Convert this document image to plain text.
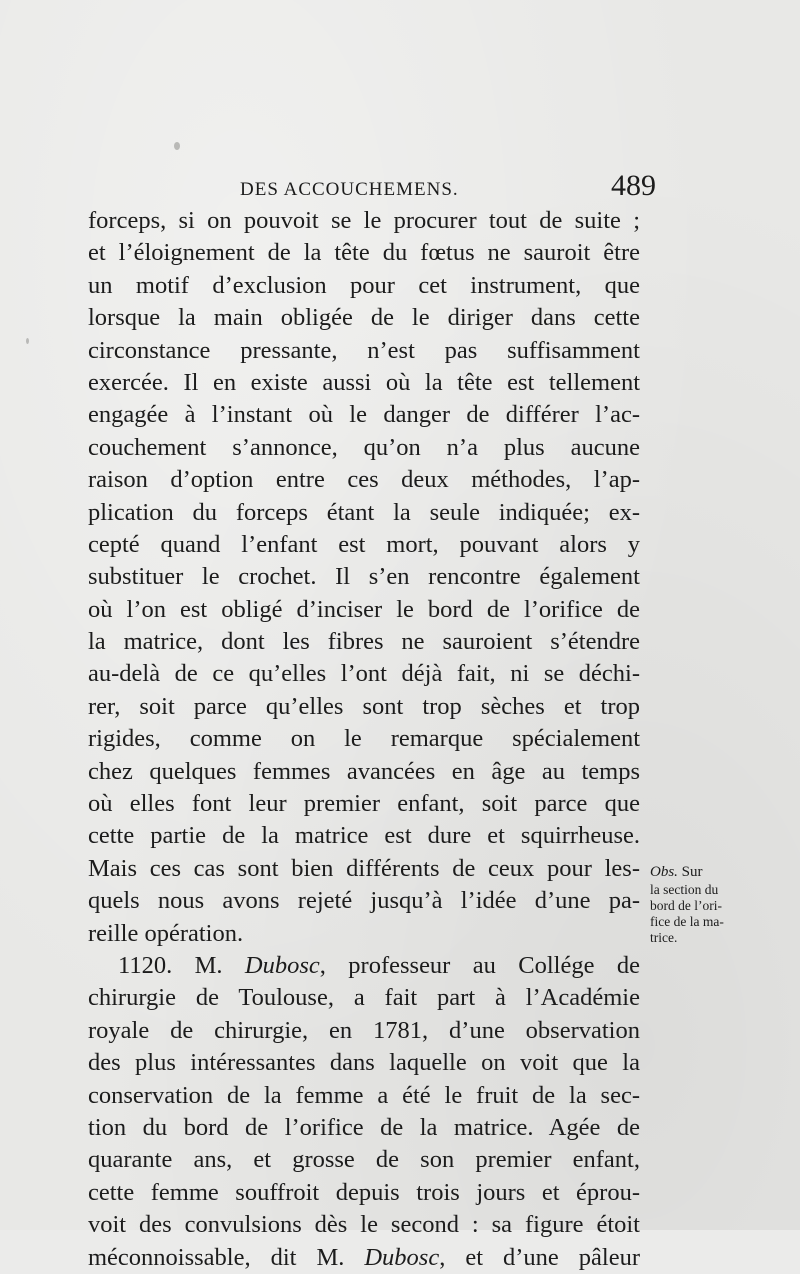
DES ACCOUCHEMENS.	489
forceps, si on pouvoit se le procurer tout de suite ;
et l’éloignement de la tête du fœtus ne sauroit être
un motif d’exclusion pour cet instrument, que
lorsque la main obligée de le diriger dans cette
circonstance pressante, n’est pas suffisamment
exercée. Il en existe aussi où la tête est tellement
engagée à l’instant où le danger de différer l’ac-
couchement s’annonce, qu’on n’a plus aucune
raison d’option entre ces deux méthodes, l’ap-
plication du forceps étant la seule indiquée; ex-
cepté quand l’enfant est mort, pouvant alors y
substituer le crochet. Il s’en rencontre également
où l’on est obligé d’inciser le bord de l’orifice de
la matrice, dont les fibres ne sauroient s’étendre
au-delà de ce qu’elles l’ont déjà fait, ni se déchi-
rer, soit parce qu’elles sont trop sèches et trop
rigides, comme on le remarque spécialement
chez quelques femmes avancées en âge au temps
où elles font leur premier enfant, soit parce que
cette partie de la matrice est dure et squirrheuse.
Mais ces cas sont bien différents de ceux pour les-
quels nous avons rejeté jusqu’à l’idée d’une pa-
reille opération.
1120. M. Dubosc, professeur au Collége de
chirurgie de Toulouse, a fait part à l’Académie
royale de chirurgie, en 1781, d’une observation
des plus intéressantes dans laquelle on voit que la
conservation de la femme a été le fruit de la sec-
tion du bord de l’orifice de la matrice. Agée de
quarante ans, et grosse de son premier enfant,
cette femme souffroit depuis trois jours et éprou-
voit des convulsions dès le second : sa figure étoit
méconnoissable, dit M. Dubosc, et d’une pâleur
Obs. Sur
la section du
bord de l’ori-
fice de la ma-
trice.
